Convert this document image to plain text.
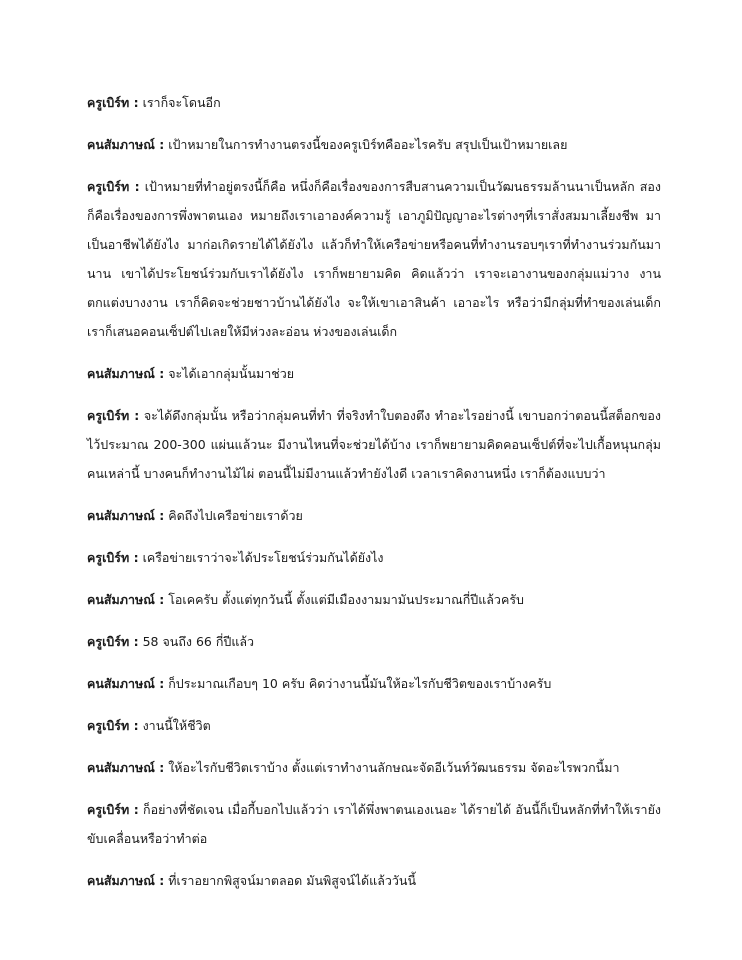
ครูเบิร์ท : เราก็จะโดนอีก

คนสัมภาษณ์ : เป้าหมายในการทำงานตรงนี้ของครูเบิร์ทคืออะไรครับ สรุปเป็นเป้าหมายเลย

ครูเบิร์ท : เป้าหมายที่ทำอยู่ตรงนี้ก็คือ หนึ่งก็คือเรื่องของการสืบสานความเป็นวัฒนธรรมล้านนาเป็นหลัก สองก็คือเรื่องของการพึ่งพาตนเอง หมายถึงเราเอาองค์ความรู้ เอาภูมิปัญญาอะไรต่างๆที่เราสั่งสมมาเลี้ยงชีพ มาเป็นอาชีพได้ยังไง มาก่อเกิดรายได้ได้ยังไง แล้วก็ทำให้เครือข่ายหรือคนที่ทำงานรอบๆเราที่ทำงานร่วมกันมานาน เขาได้ประโยชน์ร่วมกับเราได้ยังไง เราก็พยายามคิด คิดแล้วว่า เราจะเอางานของกลุ่มแม่วาง งานตกแต่งบางงาน เราก็คิดจะช่วยชาวบ้านได้ยังไง จะให้เขาเอาสินค้า เอาอะไร หรือว่ามีกลุ่มที่ทำของเล่นเด็ก เราก็เสนอคอนเซ็ปต์ไปเลยให้มีห่วงละอ่อน ห่วงของเล่นเด็ก

คนสัมภาษณ์ : จะได้เอากลุ่มนั้นมาช่วย

ครูเบิร์ท : จะได้ดึงกลุ่มนั้น หรือว่ากลุ่มคนที่ทำ ที่จริงทำใบตองตึง ทำอะไรอย่างนี้ เขาบอกว่าตอนนี้สต็อกของไว้ประมาณ 200-300 แผ่นแล้วนะ มีงานไหนที่จะช่วยได้บ้าง เราก็พยายามคิดคอนเซ็ปต์ที่จะไปเกื้อหนุนกลุ่มคนเหล่านี้ บางคนก็ทำงานไม้ไผ่ ตอนนี้ไม่มีงานแล้วทำยังไงดี เวลาเราคิดงานหนึ่ง เราก็ต้องแบบว่า

คนสัมภาษณ์ : คิดถึงไปเครือข่ายเราด้วย

ครูเบิร์ท : เครือข่ายเราว่าจะได้ประโยชน์ร่วมกันได้ยังไง

คนสัมภาษณ์ : โอเคครับ ตั้งแต่ทุกวันนี้ ตั้งแต่มีเมืองงามมามันประมาณกี่ปีแล้วครับ

ครูเบิร์ท : 58 จนถึง 66 กี่ปีแล้ว

คนสัมภาษณ์ : ก็ประมาณเกือบๆ 10 ครับ คิดว่างานนี้มันให้อะไรกับชีวิตของเราบ้างครับ

ครูเบิร์ท : งานนี้ให้ชีวิต

คนสัมภาษณ์ : ให้อะไรกับชีวิตเราบ้าง ตั้งแต่เราทำงานลักษณะจัดอีเว้นท์วัฒนธรรม จัดอะไรพวกนี้มา

ครูเบิร์ท : ก็อย่างที่ชัดเจน เมื่อกี้บอกไปแล้วว่า เราได้พึ่งพาตนเองเนอะ ได้รายได้ อันนี้ก็เป็นหลักที่ทำให้เรายังขับเคลื่อนหรือว่าทำต่อ

คนสัมภาษณ์ : ที่เราอยากพิสูจน์มาตลอด มันพิสูจน์ได้แล้ววันนี้
